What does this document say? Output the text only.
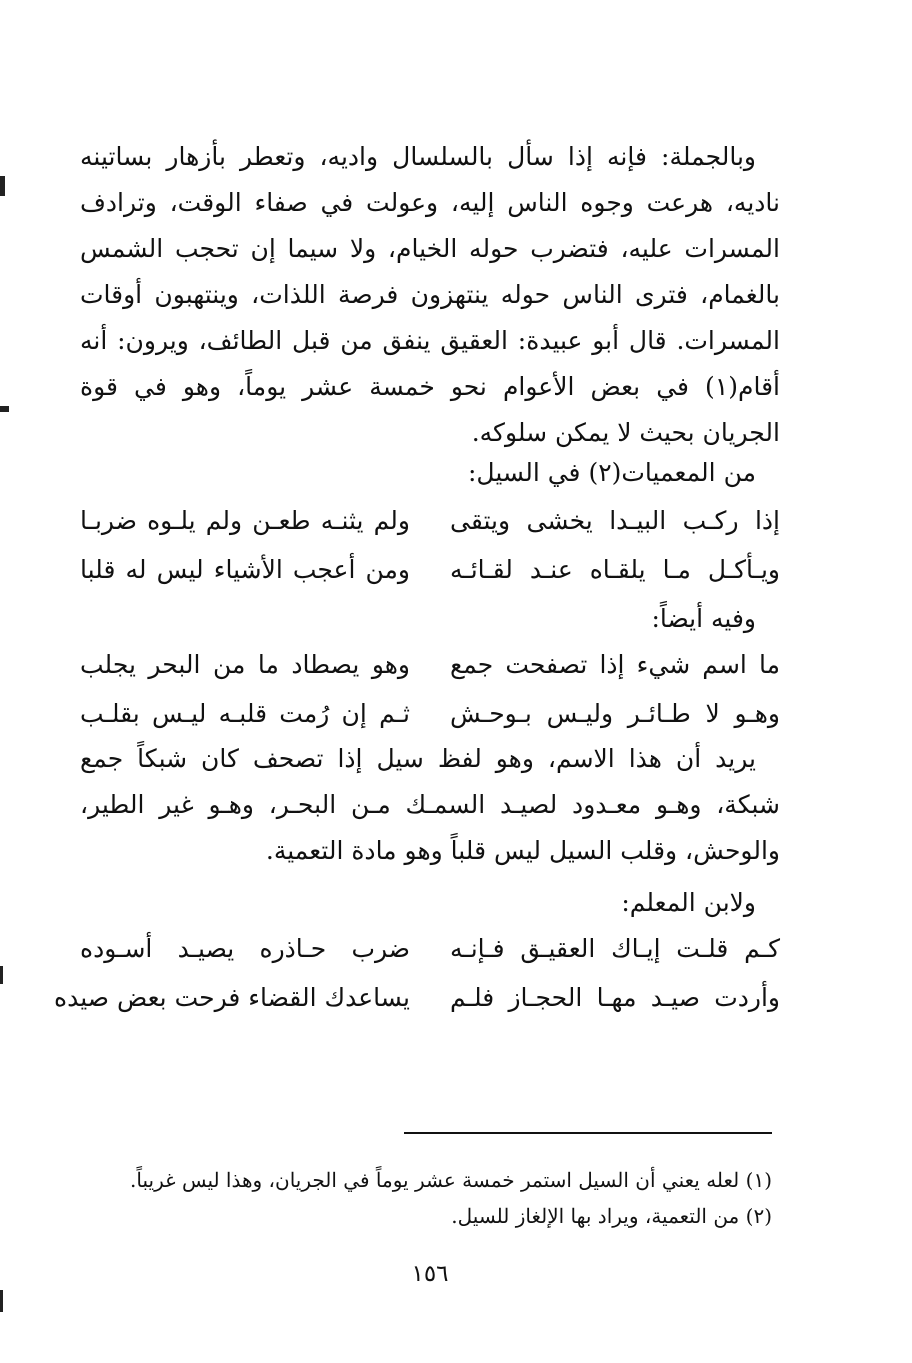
وبالجملة: فإنه إذا سأل بالسلسال واديه، وتعطر بأزهار بساتينه ناديه، هرعت وجوه الناس إليه، وعولت في صفاء الوقت، وترادف المسرات عليه، فتضرب حوله الخيام، ولا سيما إن تحجب الشمس بالغمام، فترى الناس حوله ينتهزون فرصة اللذات، وينتهبون أوقات المسرات. قال أبو عبيدة: العقيق ينفق من قبل الطائف، ويرون: أنه أقام(١) في بعض الأعوام نحو خمسة عشر يوماً، وهو في قوة الجريان بحيث لا يمكن سلوكه.

من المعميات(٢) في السيل:

إذا ركـب البيـدا يخشى ويتقى
ولم يثنـه طعـن ولم يلـوه ضربـا
ويـأكـل مـا يلقـاه عنـد لقـائـه
ومن أعجب الأشياء ليس له قلبا

وفيه أيضاً:

ما اسم شيء إذا تصفحت جمع
وهو يصطاد ما من البحر يجلب
وهـو لا طـائـر وليـس بـوحـش
ثـم إن رُمت قلبـه ليـس بقلـب

يريد أن هذا الاسم، وهو لفظ سيل إذا تصحف كان شبكاً جمع شبكة، وهـو معـدود لصيـد السمـك مـن البحـر، وهـو غير الطير، والوحش، وقلب السيل ليس قلباً وهو مادة التعمية.

ولابن المعلم:

كـم قلـت إيـاك العقيـق فـإنـه
ضرب حـاذره يصيـد أسـوده
وأردت صيـد مهـا الحجـاز فلـم
يساعدك القضاء فرحت بعض صيده
(١) لعله يعني أن السيل استمر خمسة عشر يوماً في الجريان، وهذا ليس غريباً.
(٢) من التعمية، ويراد بها الإلغاز للسيل.
١٥٦
